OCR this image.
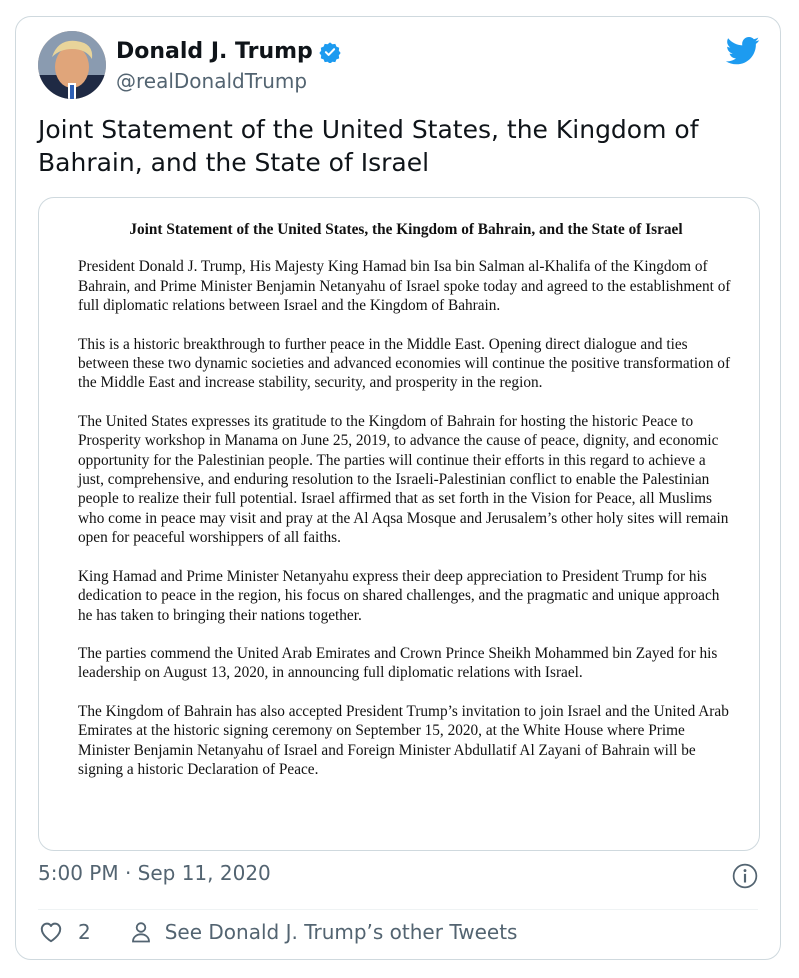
Donald J. Trump
@realDonaldTrump
Joint Statement of the United States, the Kingdom of Bahrain, and the State of Israel
Joint Statement of the United States, the Kingdom of Bahrain, and the State of Israel

President Donald J. Trump, His Majesty King Hamad bin Isa bin Salman al-Khalifa of the Kingdom of Bahrain, and Prime Minister Benjamin Netanyahu of Israel spoke today and agreed to the establishment of full diplomatic relations between Israel and the Kingdom of Bahrain.

This is a historic breakthrough to further peace in the Middle East. Opening direct dialogue and ties between these two dynamic societies and advanced economies will continue the positive transformation of the Middle East and increase stability, security, and prosperity in the region.

The United States expresses its gratitude to the Kingdom of Bahrain for hosting the historic Peace to Prosperity workshop in Manama on June 25, 2019, to advance the cause of peace, dignity, and economic opportunity for the Palestinian people. The parties will continue their efforts in this regard to achieve a just, comprehensive, and enduring resolution to the Israeli-Palestinian conflict to enable the Palestinian people to realize their full potential. Israel affirmed that as set forth in the Vision for Peace, all Muslims who come in peace may visit and pray at the Al Aqsa Mosque and Jerusalem’s other holy sites will remain open for peaceful worshippers of all faiths.

King Hamad and Prime Minister Netanyahu express their deep appreciation to President Trump for his dedication to peace in the region, his focus on shared challenges, and the pragmatic and unique approach he has taken to bringing their nations together.

The parties commend the United Arab Emirates and Crown Prince Sheikh Mohammed bin Zayed for his leadership on August 13, 2020, in announcing full diplomatic relations with Israel.

The Kingdom of Bahrain has also accepted President Trump’s invitation to join Israel and the United Arab Emirates at the historic signing ceremony on September 15, 2020, at the White House where Prime Minister Benjamin Netanyahu of Israel and Foreign Minister Abdullatif Al Zayani of Bahrain will be signing a historic Declaration of Peace.

5:00 PM · Sep 11, 2020
2	See Donald J. Trump’s other Tweets
